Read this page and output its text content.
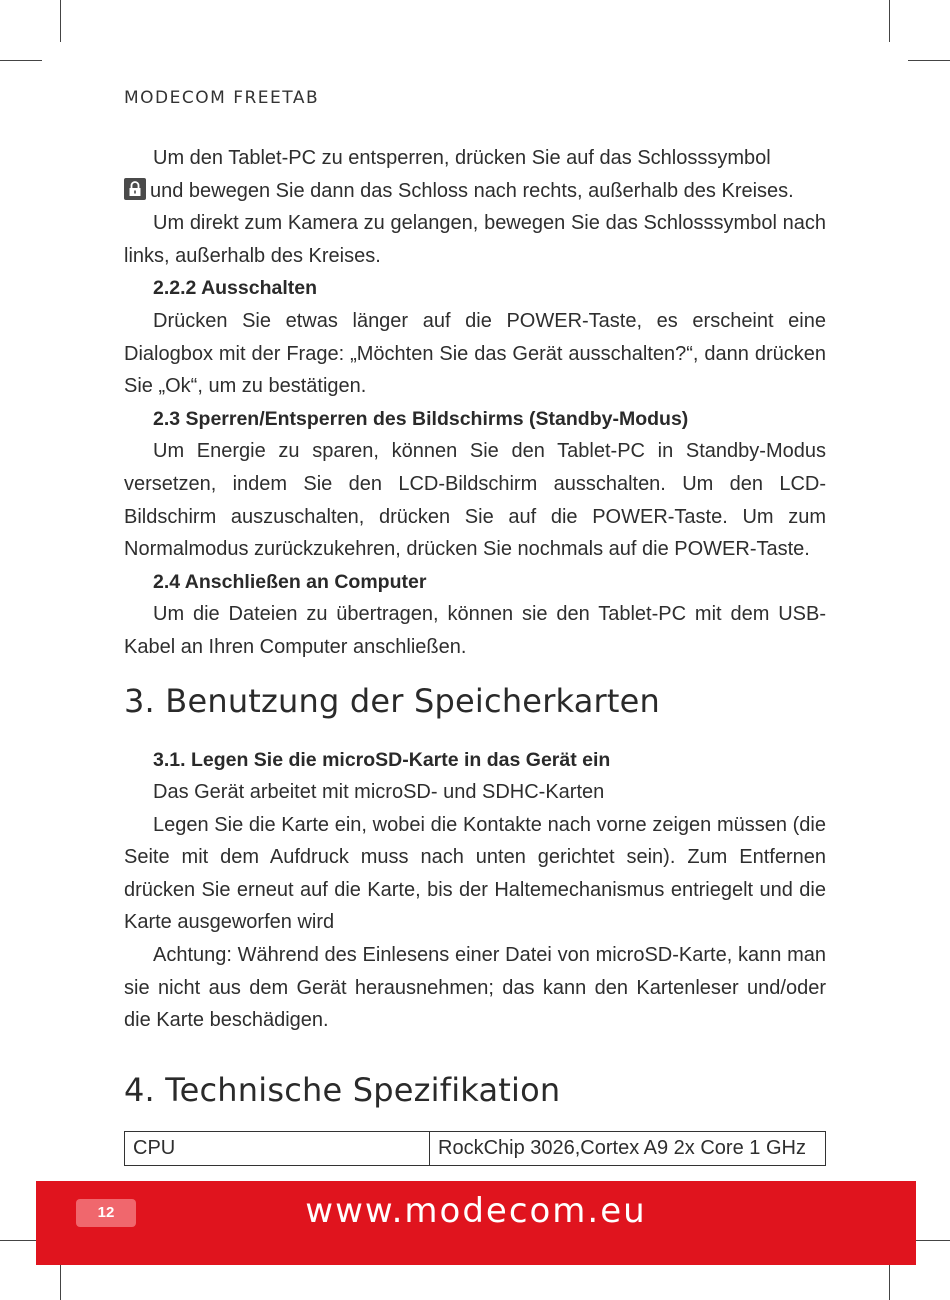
MODECOM FREETAB

Um den Tablet-PC zu entsperren, drücken Sie auf das Schlosssymbol

und bewegen Sie dann das Schloss nach rechts, außerhalb des Kreises.

Um direkt zum Kamera zu gelangen, bewegen Sie das Schlosssymbol nach links, außerhalb des Kreises.

2.2.2 Ausschalten

Drücken Sie etwas länger auf die POWER-Taste, es erscheint eine Dialogbox mit der Frage: „Möchten Sie das Gerät ausschalten?“, dann drücken Sie „Ok“, um zu bestätigen.

2.3 Sperren/Entsperren des Bildschirms (Standby-Modus)

Um Energie zu sparen, können Sie den Tablet-PC in Standby-Modus versetzen, indem Sie den LCD-Bildschirm ausschalten. Um den LCD-Bildschirm auszuschalten, drücken Sie auf die POWER-Taste. Um zum Normalmodus zurückzukehren, drücken Sie nochmals auf die POWER-Taste.

2.4 Anschließen an Computer

Um die Dateien zu übertragen, können sie den Tablet-PC mit dem USB-Kabel an Ihren Computer anschließen.

3. Benutzung der Speicherkarten
3.1. Legen Sie die microSD-Karte in das Gerät ein

Das Gerät arbeitet mit microSD- und SDHC-Karten

Legen Sie die Karte ein, wobei die Kontakte nach vorne zeigen müssen (die Seite mit dem Aufdruck muss nach unten gerichtet sein). Zum Entfernen drücken Sie erneut auf die Karte, bis der Haltemechanismus entriegelt und die Karte ausgeworfen wird

Achtung: Während des Einlesens einer Datei von microSD-Karte, kann man sie nicht aus dem Gerät herausnehmen; das kann den Kartenleser und/oder die Karte beschädigen.

4. Technische Spezifikation
CPU	RockChip 3026,Cortex A9 2x Core 1 GHz
12	www.modecom.eu
